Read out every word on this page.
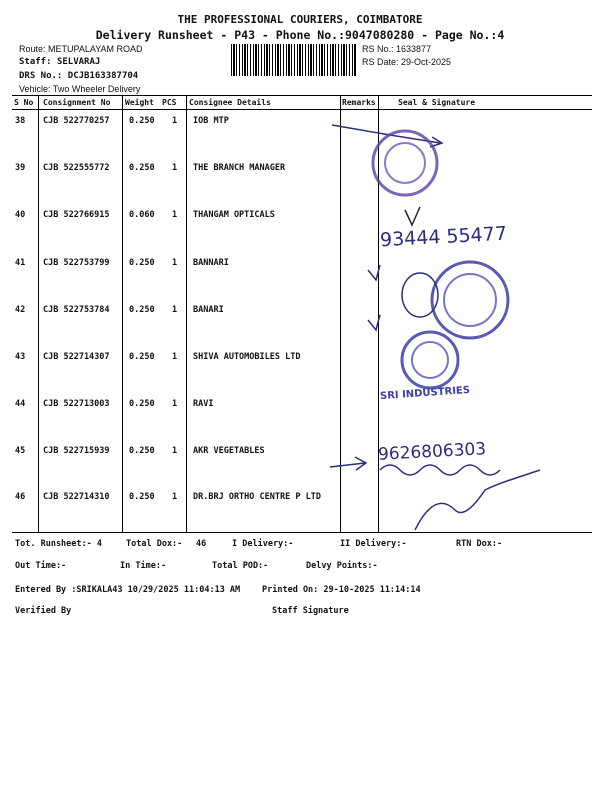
THE PROFESSIONAL COURIERS, COIMBATORE
Delivery Runsheet - P43 - Phone No.:9047080280 - Page No.:4
Route: METUPALAYAM ROAD
Staff: SELVARAJ
DRS No.: DCJB163387704
Vehicle: Two Wheeler Delivery
RS No.: 1633877
RS Date: 29-Oct-2025
S No Consignment No Weight PCS Consignee Details	Remarks	Seal & Signature
38 CJB 522770257 0.250 1 IOB MTP
39 CJB 522555772 0.250 1 THE BRANCH MANAGER
40 CJB 522766915 0.060 1 THANGAM OPTICALS
41 CJB 522753799 0.250 1 BANNARI
42 CJB 522753784 0.250 1 BANARI
43 CJB 522714307 0.250 1 SHIVA AUTOMOBILES LTD
44 CJB 522713003 0.250 1 RAVI
45 CJB 522715939 0.250 1 AKR VEGETABLES
46 CJB 522714310 0.250 1 DR.BRJ ORTHO CENTRE P LTD
93444 55477
SRI INDUSTRIES
9626806303
Tot. Runsheet:- 4	Total Dox:- 46	I Delivery:-	II Delivery:-	RTN Dox:-
Out Time:-	In Time:-	Total POD:-	Delvy Points:-
Entered By :SRIKALA43 10/29/2025 11:04:13 AM	Printed On: 29-10-2025 11:14:14
Verified By	Staff Signature
